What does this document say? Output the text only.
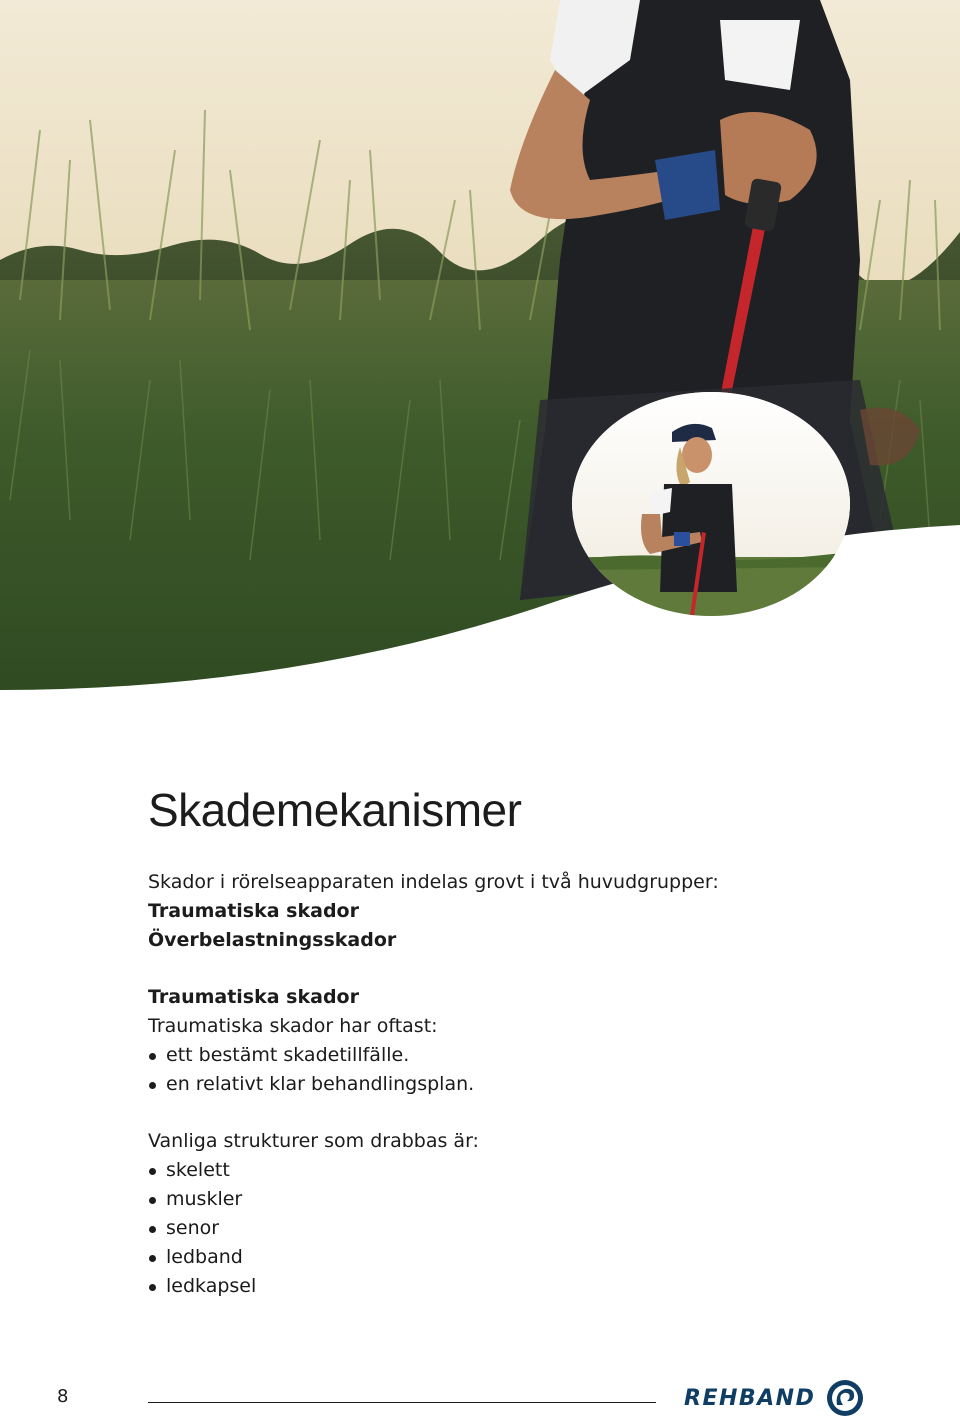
Skademekanismer

Skador i rörelseapparaten indelas grovt i två huvudgrupper:

Traumatiska skador

Överbelastningsskador

Traumatiska skador

Traumatiska skador har oftast:

ett bestämt skadetillfälle.
en relativt klar behandlingsplan.

Vanliga strukturer som drabbas är:

skelett
muskler
senor
ledband
ledkapsel
8	REHBAND
